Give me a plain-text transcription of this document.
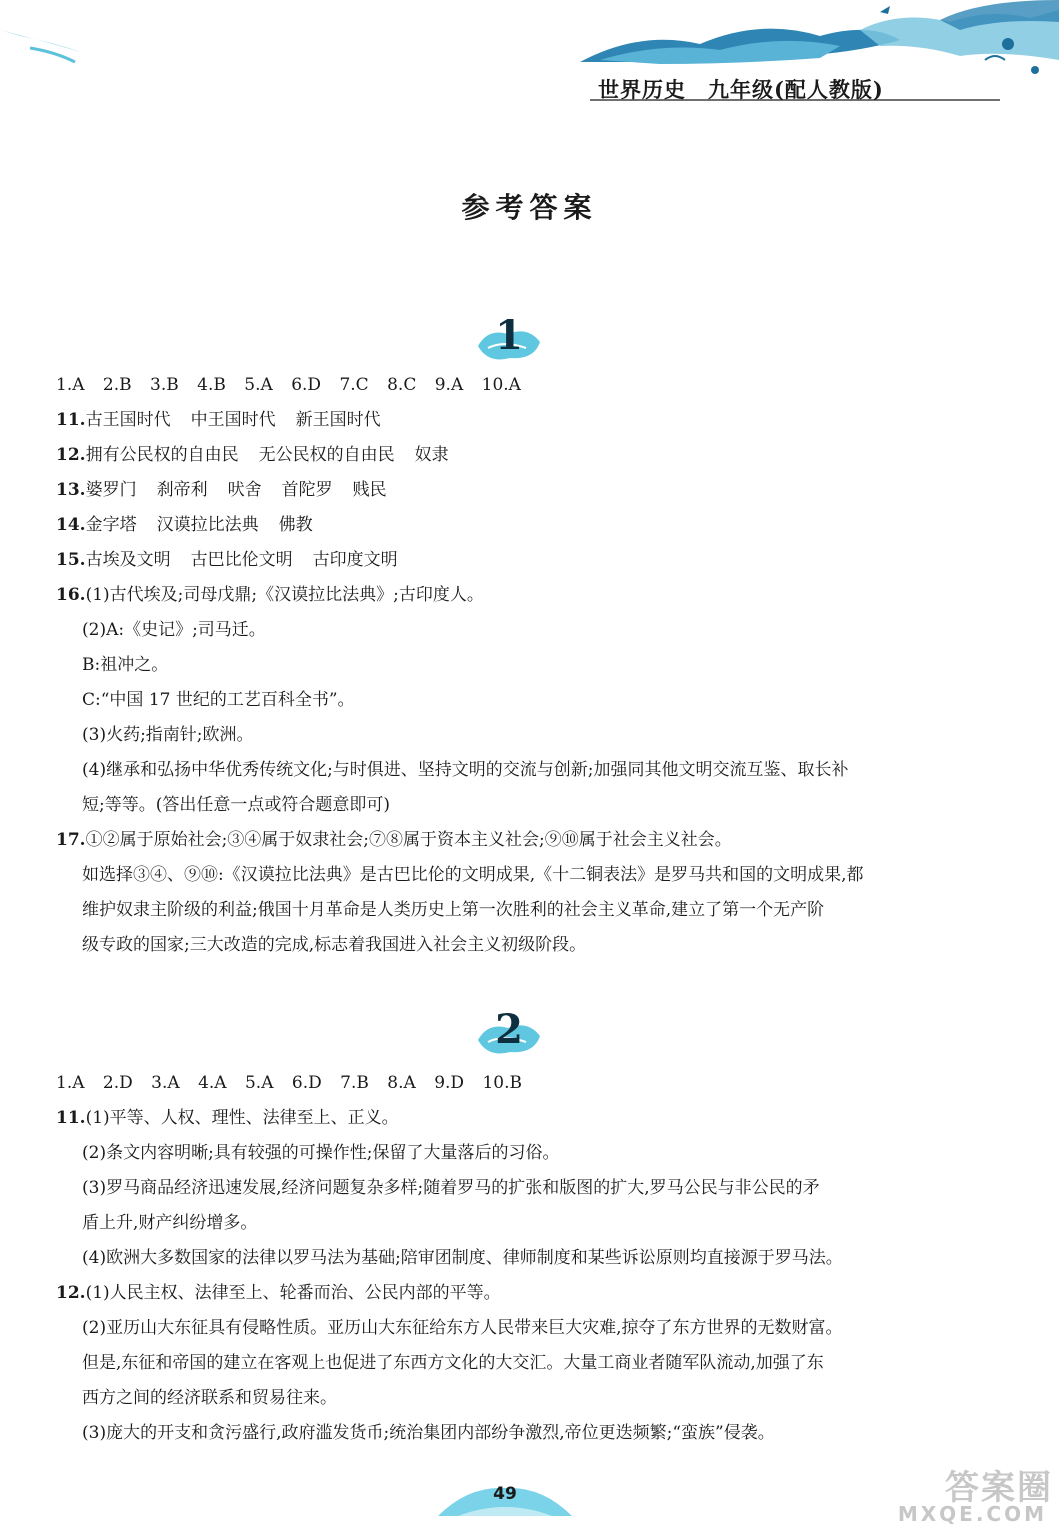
世界历史　九年级(配人教版)
参考答案
1
1.A 2.B 3.B 4.B 5.A 6.D 7.C 8.C 9.A 10.A
11.古王国时代 中王国时代 新王国时代
12.拥有公民权的自由民 无公民权的自由民 奴隶
13.婆罗门 刹帝利 吠舍 首陀罗 贱民
14.金字塔 汉谟拉比法典 佛教
15.古埃及文明 古巴比伦文明 古印度文明
16.(1)古代埃及;司母戊鼎;《汉谟拉比法典》;古印度人。
(2)A:《史记》;司马迁。
B:祖冲之。
C:“中国 17 世纪的工艺百科全书”。
(3)火药;指南针;欧洲。
(4)继承和弘扬中华优秀传统文化;与时俱进、坚持文明的交流与创新;加强同其他文明交流互鉴、取长补
短;等等。(答出任意一点或符合题意即可)
17.①②属于原始社会;③④属于奴隶社会;⑦⑧属于资本主义社会;⑨⑩属于社会主义社会。
如选择③④、⑨⑩:《汉谟拉比法典》是古巴比伦的文明成果,《十二铜表法》是罗马共和国的文明成果,都
维护奴隶主阶级的利益;俄国十月革命是人类历史上第一次胜利的社会主义革命,建立了第一个无产阶
级专政的国家;三大改造的完成,标志着我国进入社会主义初级阶段。
2
1.A 2.D 3.A 4.A 5.A 6.D 7.B 8.A 9.D 10.B
11.(1)平等、人权、理性、法律至上、正义。
(2)条文内容明晰;具有较强的可操作性;保留了大量落后的习俗。
(3)罗马商品经济迅速发展,经济问题复杂多样;随着罗马的扩张和版图的扩大,罗马公民与非公民的矛
盾上升,财产纠纷增多。
(4)欧洲大多数国家的法律以罗马法为基础;陪审团制度、律师制度和某些诉讼原则均直接源于罗马法。
12.(1)人民主权、法律至上、轮番而治、公民内部的平等。
(2)亚历山大东征具有侵略性质。亚历山大东征给东方人民带来巨大灾难,掠夺了东方世界的无数财富。
但是,东征和帝国的建立在客观上也促进了东西方文化的大交汇。大量工商业者随军队流动,加强了东
西方之间的经济联系和贸易往来。
(3)庞大的开支和贪污盛行,政府滥发货币;统治集团内部纷争激烈,帝位更迭频繁;“蛮族”侵袭。
49	答案圈
MXQE.COM
